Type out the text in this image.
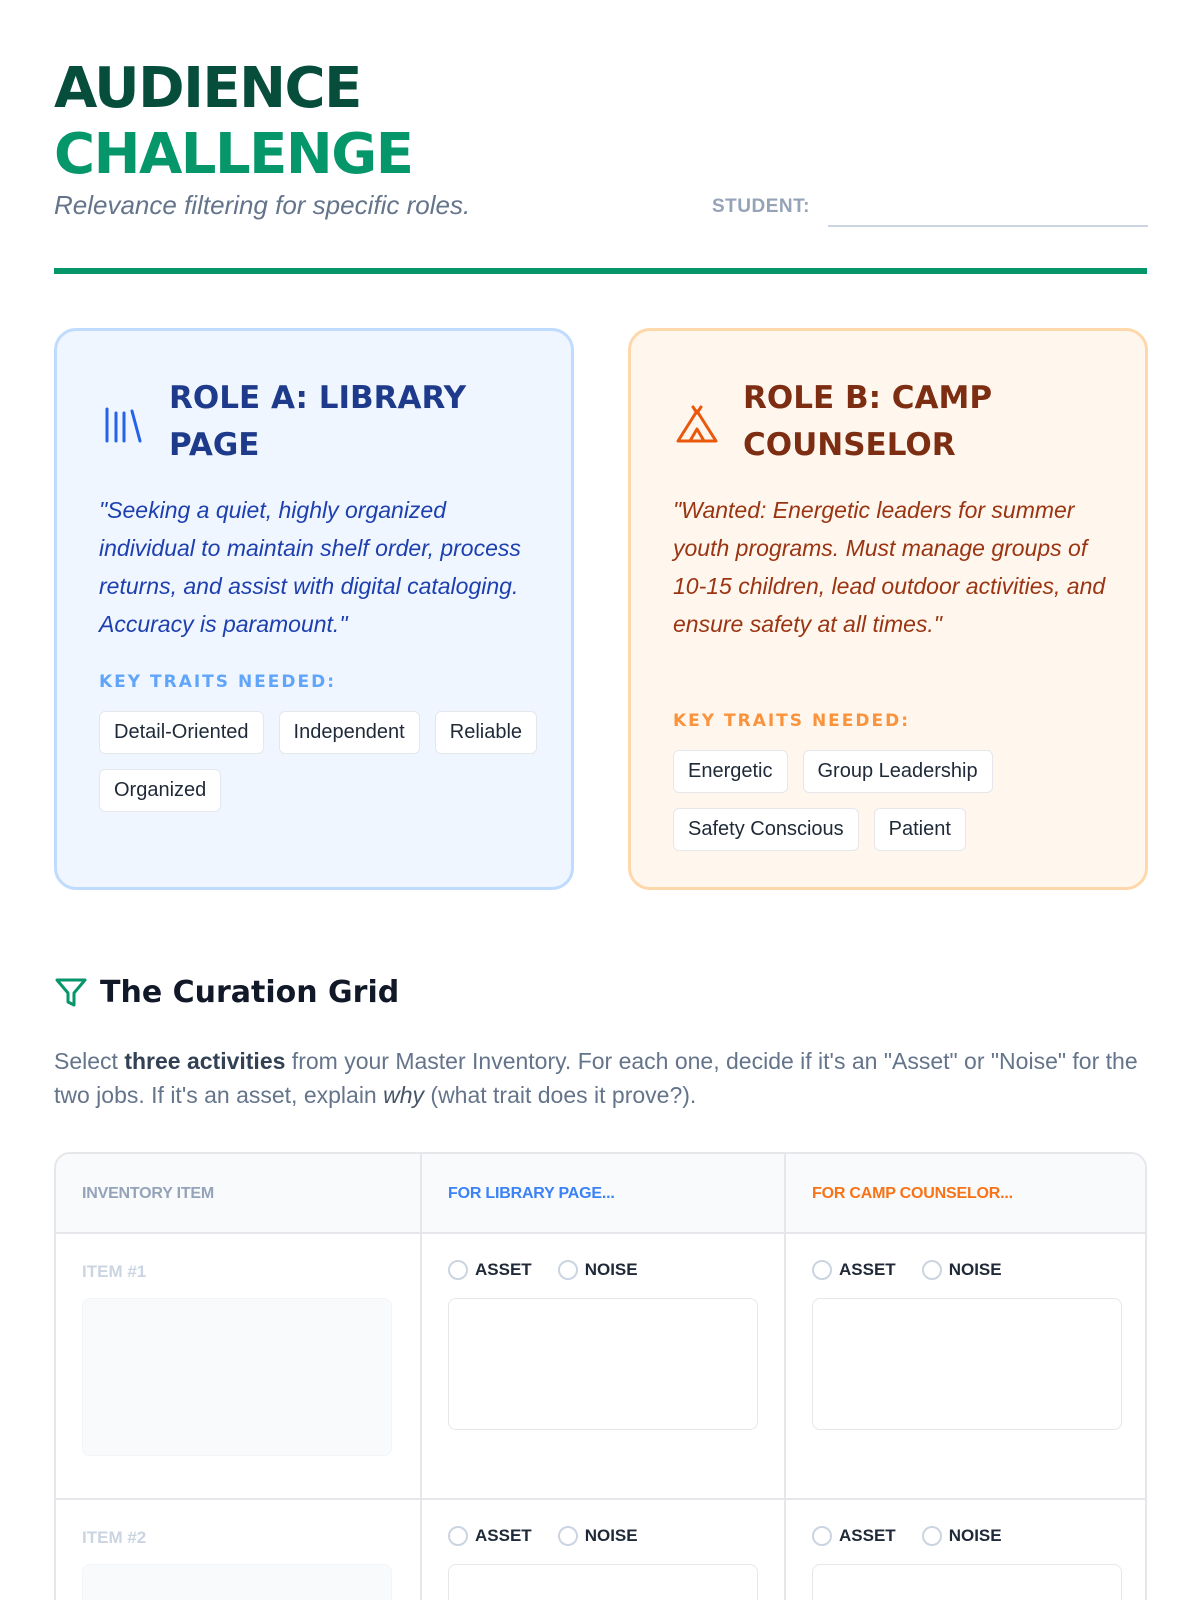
AUDIENCE
CHALLENGE
Relevance filtering for specific roles.	STUDENT:
ROLE A: LIBRARY PAGE
"Seeking a quiet, highly organized individual to maintain shelf order, process returns, and assist with digital cataloging. Accuracy is paramount."
KEY TRAITS NEEDED:
Detail-Oriented	Independent	Reliable
Organized
ROLE B: CAMP COUNSELOR
"Wanted: Energetic leaders for summer youth programs. Must manage groups of 10-15 children, lead outdoor activities, and ensure safety at all times."
KEY TRAITS NEEDED:
Energetic	Group Leadership
Safety Conscious	Patient
The Curation Grid

Select three activities from your Master Inventory. For each one, decide if it's an "Asset" or "Noise" for the two jobs. If it's an asset, explain why (what trait does it prove?).

INVENTORY ITEM	FOR LIBRARY PAGE...	FOR CAMP COUNSELOR...
ITEM #1	ASSET	NOISE	ASSET	NOISE
ITEM #2	ASSET	NOISE	ASSET	NOISE
